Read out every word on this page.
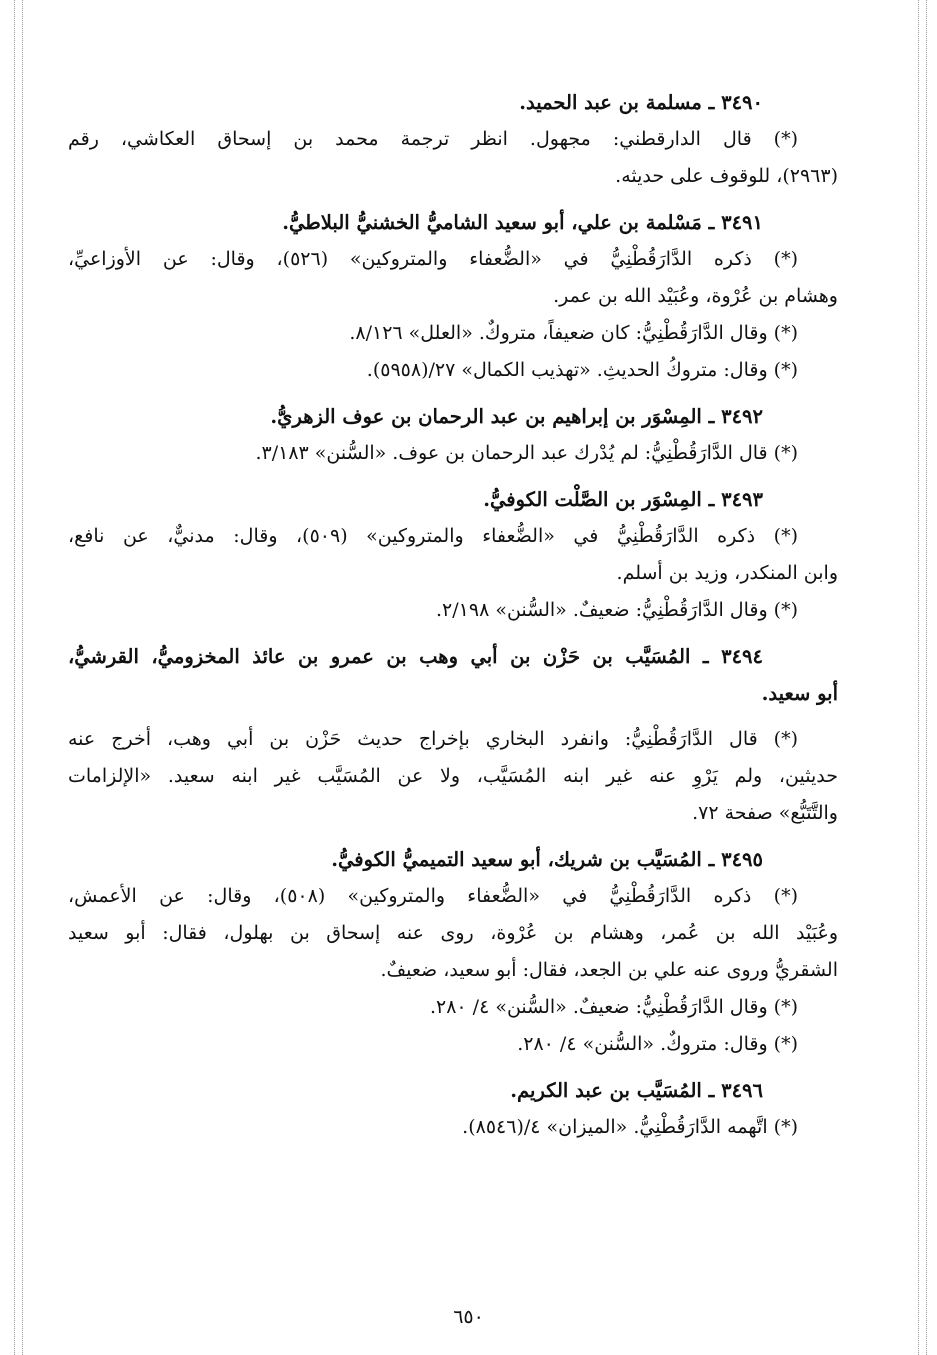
٣٤٩٠ ـ مسلمة بن عبد الحميد.
(*) قال الدارقطني: مجهول. انظر ترجمة محمد بن إسحاق العكاشي، رقم
(٢٩٦٣)، للوقوف على حديثه.
٣٤٩١ ـ مَسْلمة بن علي، أبو سعيد الشاميُّ الخشنيُّ البلاطيُّ.
(*) ذكره الدَّارَقُطْنِيُّ في «الضُّعفاء والمتروكين» (٥٢٦)، وقال: عن الأوزاعيِّ،
وهشام بن عُرْوة، وعُبَيْد الله بن عمر.
(*) وقال الدَّارَقُطْنِيُّ: كان ضعيفاً، متروكٌ. «العلل» ٨/١٢٦.
(*) وقال: متروكُ الحديثِ. «تهذيب الكمال» ٢٧/(٥٩٥٨).
٣٤٩٢ ـ المِسْوَر بن إبراهيم بن عبد الرحمان بن عوف الزهريُّ.
(*) قال الدَّارَقُطْنِيُّ: لم يُدْرك عبد الرحمان بن عوف. «السُّنن» ٣/١٨٣.
٣٤٩٣ ـ المِسْوَر بن الصَّلْت الكوفيُّ.
(*) ذكره الدَّارَقُطْنِيُّ في «الضُّعفاء والمتروكين» (٥٠٩)، وقال: مدنيٌّ، عن نافع،
وابن المنكدر، وزيد بن أسلم.
(*) وقال الدَّارَقُطْنِيُّ: ضعيفٌ. «السُّنن» ٢/١٩٨.
٣٤٩٤ ـ المُسَيَّب بن حَزْن بن أبي وهب بن عمرو بن عائذ المخزوميُّ، القرشيُّ،
أبو سعيد.
(*) قال الدَّارَقُطْنِيُّ: وانفرد البخاري بإخراج حديث حَزْن بن أبي وهب، أخرج عنه
حديثين، ولم يَرْوِ عنه غير ابنه المُسَيَّب، ولا عن المُسَيَّب غير ابنه سعيد. «الإلزامات
والتَّتَبُّع» صفحة ٧٢.
٣٤٩٥ ـ المُسَيَّب بن شريك، أبو سعيد التميميُّ الكوفيُّ.
(*) ذكره الدَّارَقُطْنِيُّ في «الضُّعفاء والمتروكين» (٥٠٨)، وقال: عن الأعمش،
وعُبَيْد الله بن عُمر، وهشام بن عُرْوة، روى عنه إسحاق بن بهلول، فقال: أبو سعيد
الشقريُّ وروى عنه علي بن الجعد، فقال: أبو سعيد، ضعيفٌ.
(*) وقال الدَّارَقُطْنِيُّ: ضعيفٌ. «السُّنن» ٤/ ٢٨٠.
(*) وقال: متروكٌ. «السُّنن» ٤/ ٢٨٠.
٣٤٩٦ ـ المُسَيَّب بن عبد الكريم.
(*) اتَّهمه الدَّارَقُطْنِيُّ. «الميزان» ٤/(٨٥٤٦).
٦٥٠
